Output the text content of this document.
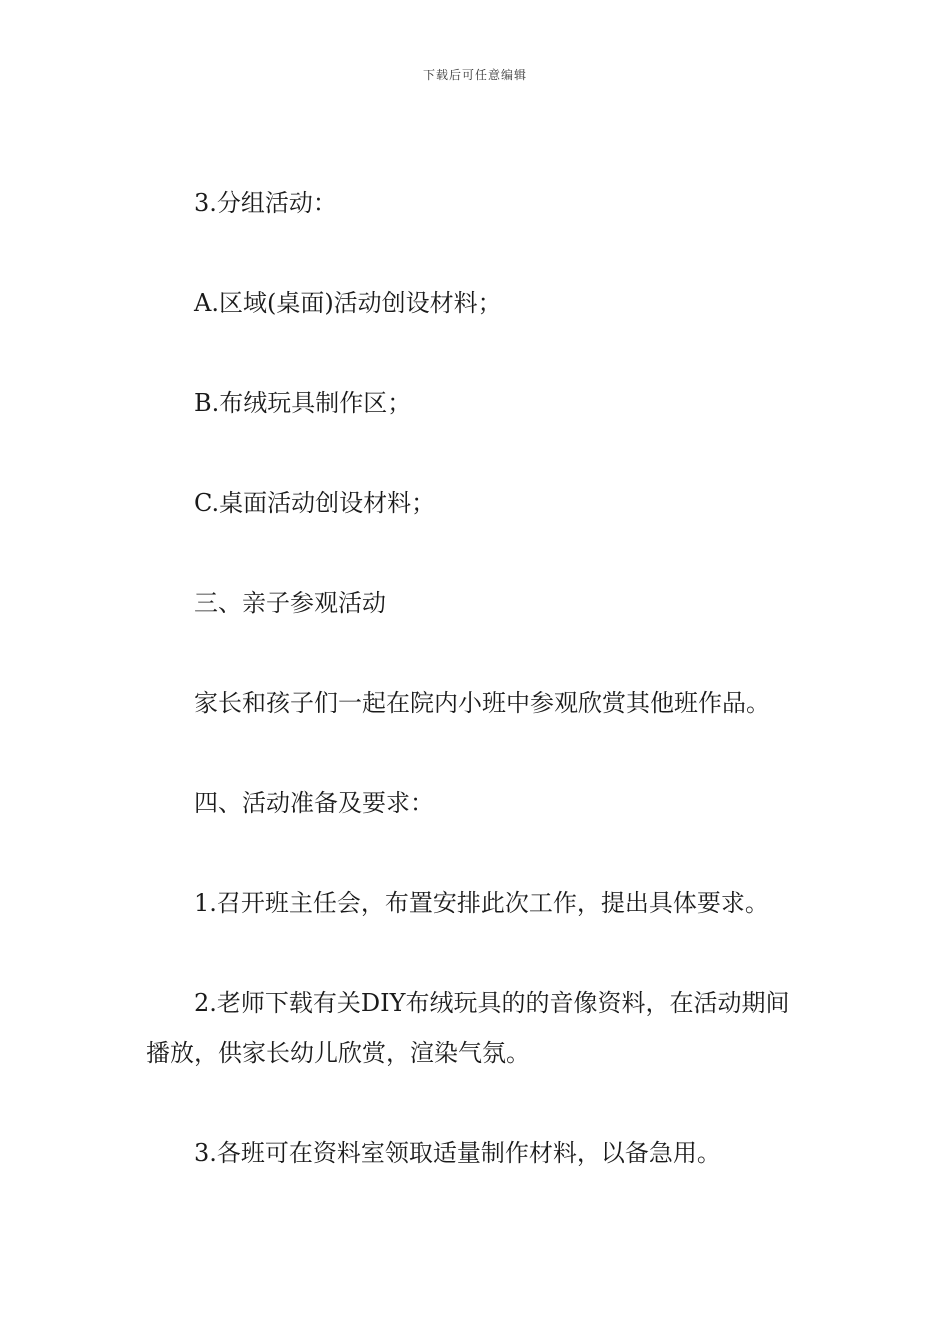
下载后可任意编辑

3.分组活动：

A.区域(桌面)活动创设材料；

B.布绒玩具制作区；

C.桌面活动创设材料；

三、亲子参观活动

家长和孩子们一起在院内小班中参观欣赏其他班作品。

四、活动准备及要求：

1.召开班主任会，布置安排此次工作，提出具体要求。

2.老师下载有关DIY布绒玩具的的音像资料，在活动期间播放，供家长幼儿欣赏，渲染气氛。

3.各班可在资料室领取适量制作材料，以备急用。
